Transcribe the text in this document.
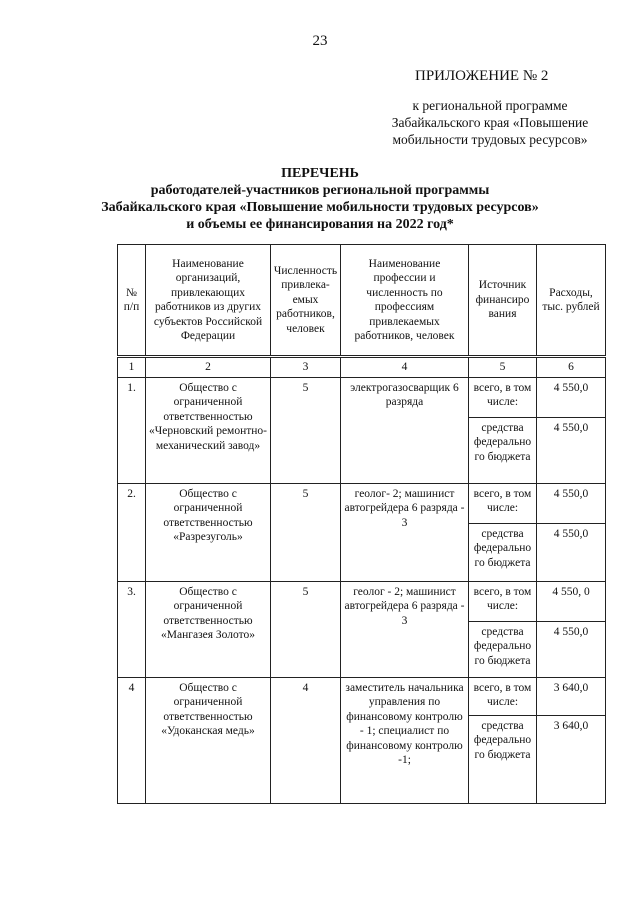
23
ПРИЛОЖЕНИЕ № 2
к региональной программе
Забайкальского края «Повышение
мобильности трудовых ресурсов»
ПЕРЕЧЕНЬ
работодателей-участников региональной программы
Забайкальского края «Повышение мобильности трудовых ресурсов»
и объемы ее финансирования на 2022 год*
№ п/п	Наименование организаций, привлекающих работников из других субъектов Российской Федерации	Численность привлека-емых работников, человек	Наименование профессии и численность по профессиям привлекаемых работников, человек	Источник финансиро вания	Расходы, тыс. рублей
1	2	3	4	5	6
1.	Общество с ограниченной ответственностью «Черновский ремонтно-механический завод»	5	электрогазосварщик 6 разряда	всего, в том числе:	4 550,0
				средства федерально го бюджета	4 550,0
2.	Общество с ограниченной ответственностью «Разрезуголь»	5	геолог- 2; машинист автогрейдера 6 разряда - 3	всего, в том числе:	4 550,0
				средства федерально го бюджета	4 550,0
3.	Общество с ограниченной ответственностью «Мангазея Золото»	5	геолог - 2; машинист автогрейдера 6 разряда - 3	всего, в том числе:	4 550, 0
				средства федерально го бюджета	4 550,0
4	Общество с ограниченной ответственностью «Удоканская медь»	4	заместитель начальника управления по финансовому контролю - 1; специалист по финансовому контролю -1;	всего, в том числе:	3 640,0
				средства федерально го бюджета	3 640,0
